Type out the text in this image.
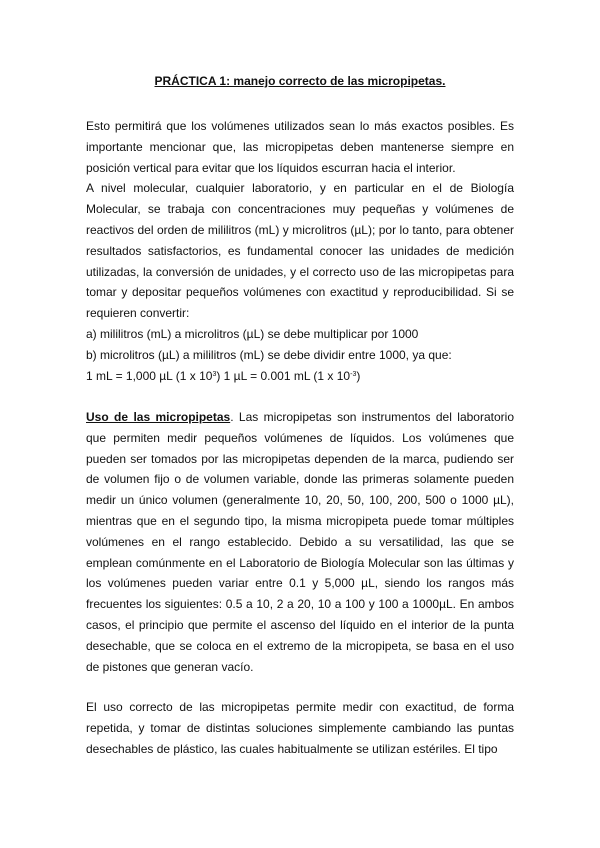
PRÁCTICA 1: manejo correcto de las micropipetas.

Esto permitirá que los volúmenes utilizados sean lo más exactos posibles. Es importante mencionar que, las micropipetas deben mantenerse siempre en posición vertical para evitar que los líquidos escurran hacia el interior.

A nivel molecular, cualquier laboratorio, y en particular en el de Biología Molecular, se trabaja con concentraciones muy pequeñas y volúmenes de reactivos del orden de mililitros (mL) y microlitros (µL); por lo tanto, para obtener resultados satisfactorios, es fundamental conocer las unidades de medición utilizadas, la conversión de unidades, y el correcto uso de las micropipetas para tomar y depositar pequeños volúmenes con exactitud y reproducibilidad. Si se requieren convertir:

a) mililitros (mL) a microlitros (µL) se debe multiplicar por 1000

b) microlitros (µL) a mililitros (mL) se debe dividir entre 1000, ya que:

1 mL = 1,000 µL (1 x $10^3$) 1 µL = 0.001 mL (1 x $10^{-3}$)

Uso de las micropipetas. Las micropipetas son instrumentos del laboratorio que permiten medir pequeños volúmenes de líquidos. Los volúmenes que pueden ser tomados por las micropipetas dependen de la marca, pudiendo ser de volumen fijo o de volumen variable, donde las primeras solamente pueden medir un único volumen (generalmente 10, 20, 50, 100, 200, 500 o 1000 µL), mientras que en el segundo tipo, la misma micropipeta puede tomar múltiples volúmenes en el rango establecido. Debido a su versatilidad, las que se emplean comúnmente en el Laboratorio de Biología Molecular son las últimas y los volúmenes pueden variar entre 0.1 y 5,000 µL, siendo los rangos más frecuentes los siguientes: 0.5 a 10, 2 a 20, 10 a 100 y 100 a 1000µL. En ambos casos, el principio que permite el ascenso del líquido en el interior de la punta desechable, que se coloca en el extremo de la micropipeta, se basa en el uso de pistones que generan vacío.

El uso correcto de las micropipetas permite medir con exactitud, de forma repetida, y tomar de distintas soluciones simplemente cambiando las puntas desechables de plástico, las cuales habitualmente se utilizan estériles. El tipo
